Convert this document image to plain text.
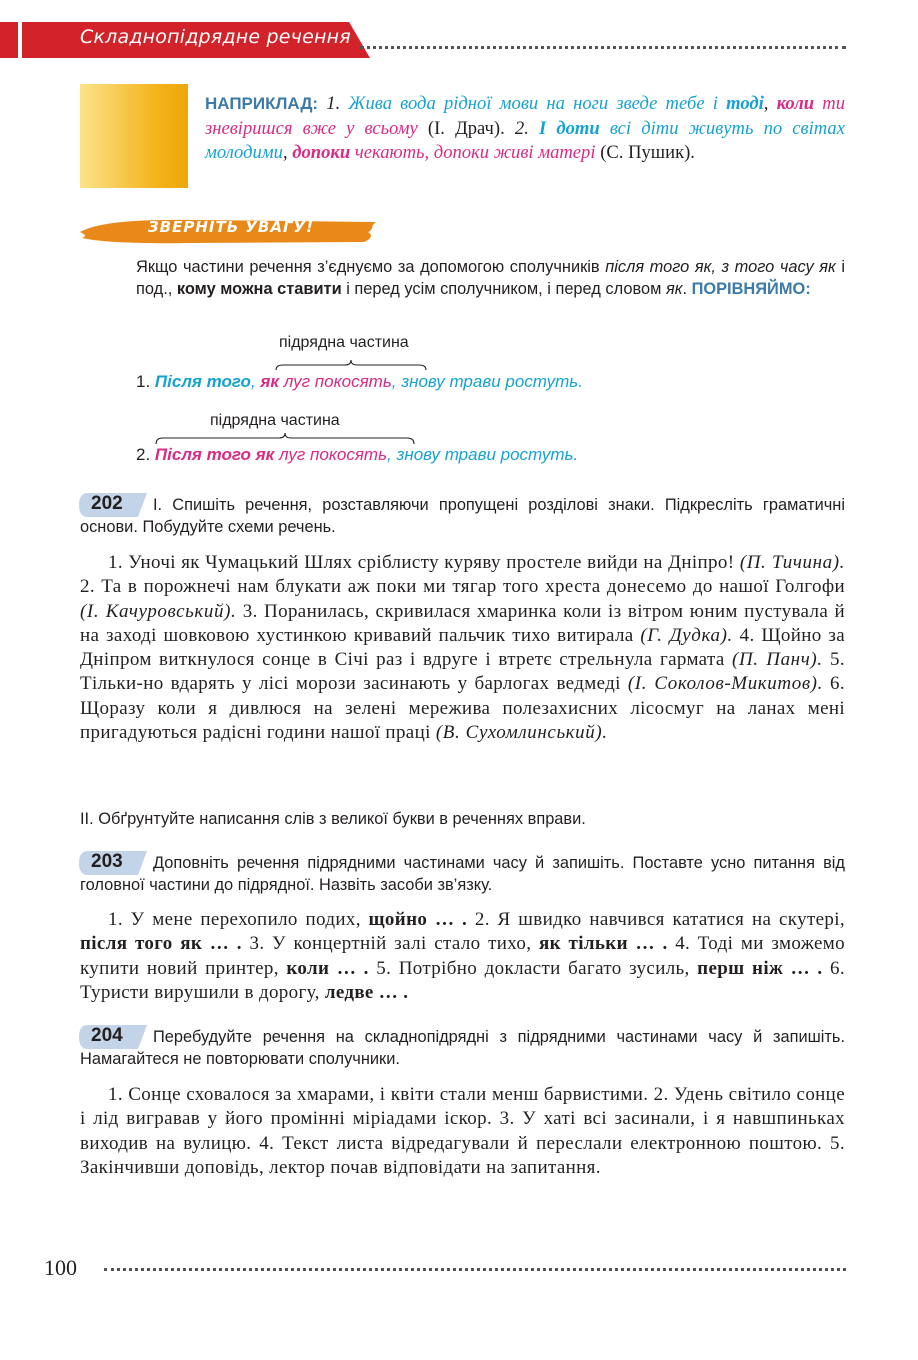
Складнопідрядне речення
НАПРИКЛАД: 1. Жива вода рідної мови на ноги зведе тебе і тоді, коли ти зневіришся вже у всьому (І. Драч). 2. І доти всі діти живуть по світах молодими, допоки чекають, допоки живі матері (С. Пушик).
ЗВЕРНІТЬ УВАГУ!
Якщо частини речення з’єднуємо за допомогою сполучників після того як, з того часу як і под., кому можна ставити і перед усім сполучником, і перед словом як. ПОРІВНЯЙМО:
підрядна частина
1. Після того, як луг покосять, знову трави ростуть.
підрядна частина
2. Після того як луг покосять, знову трави ростуть.
202	І. Спишіть речення, розставляючи пропущені розділові знаки. Підкресліть граматичні основи. Побудуйте схеми речень.
1. Уночі як Чумацький Шлях сріблисту куряву простеле вийди на Дніпро! (П. Тичина). 2. Та в порожнечі нам блукати аж поки ми тягар того хреста донесемо до нашої Голгофи (І. Качуровський). 3. Поранилась, скривилася хмаринка коли із вітром юним пустувала й на заході шовковою хустинкою кривавий пальчик тихо витирала (Г. Дудка). 4. Щойно за Дніпром виткнулося сонце в Січі раз і вдруге і втретє стрельнула гармата (П. Панч). 5. Тільки-но вдарять у лісі морози засинають у барлогах ведмеді (І. Соколов-Микитов). 6. Щоразу коли я дивлюся на зелені мережива полезахисних лісосмуг на ланах мені пригадуються радісні години нашої праці (В. Сухомлинський).
ІІ. Обґрунтуйте написання слів з великої букви в реченнях вправи.
203	Доповніть речення підрядними частинами часу й запишіть. Поставте усно питання від головної частини до підрядної. Назвіть засоби зв’язку.
1. У мене перехопило подих, щойно … . 2. Я швидко навчився кататися на скутері, після того як … . 3. У концертній залі стало тихо, як тільки … . 4. Тоді ми зможемо купити новий принтер, коли … . 5. Потрібно докласти багато зусиль, перш ніж … . 6. Туристи вирушили в дорогу, ледве … .
204	Перебудуйте речення на складнопідрядні з підрядними частинами часу й запишіть. Намагайтеся не повторювати сполучники.
1. Сонце сховалося за хмарами, і квіти стали менш барвистими. 2. Удень світило сонце і лід вигравав у його промінні міріадами іскор. 3. У хаті всі засинали, і я навшпиньках виходив на вулицю. 4. Текст листа відредагували й переслали електронною поштою. 5. Закінчивши доповідь, лектор почав відповідати на запитання.
100
